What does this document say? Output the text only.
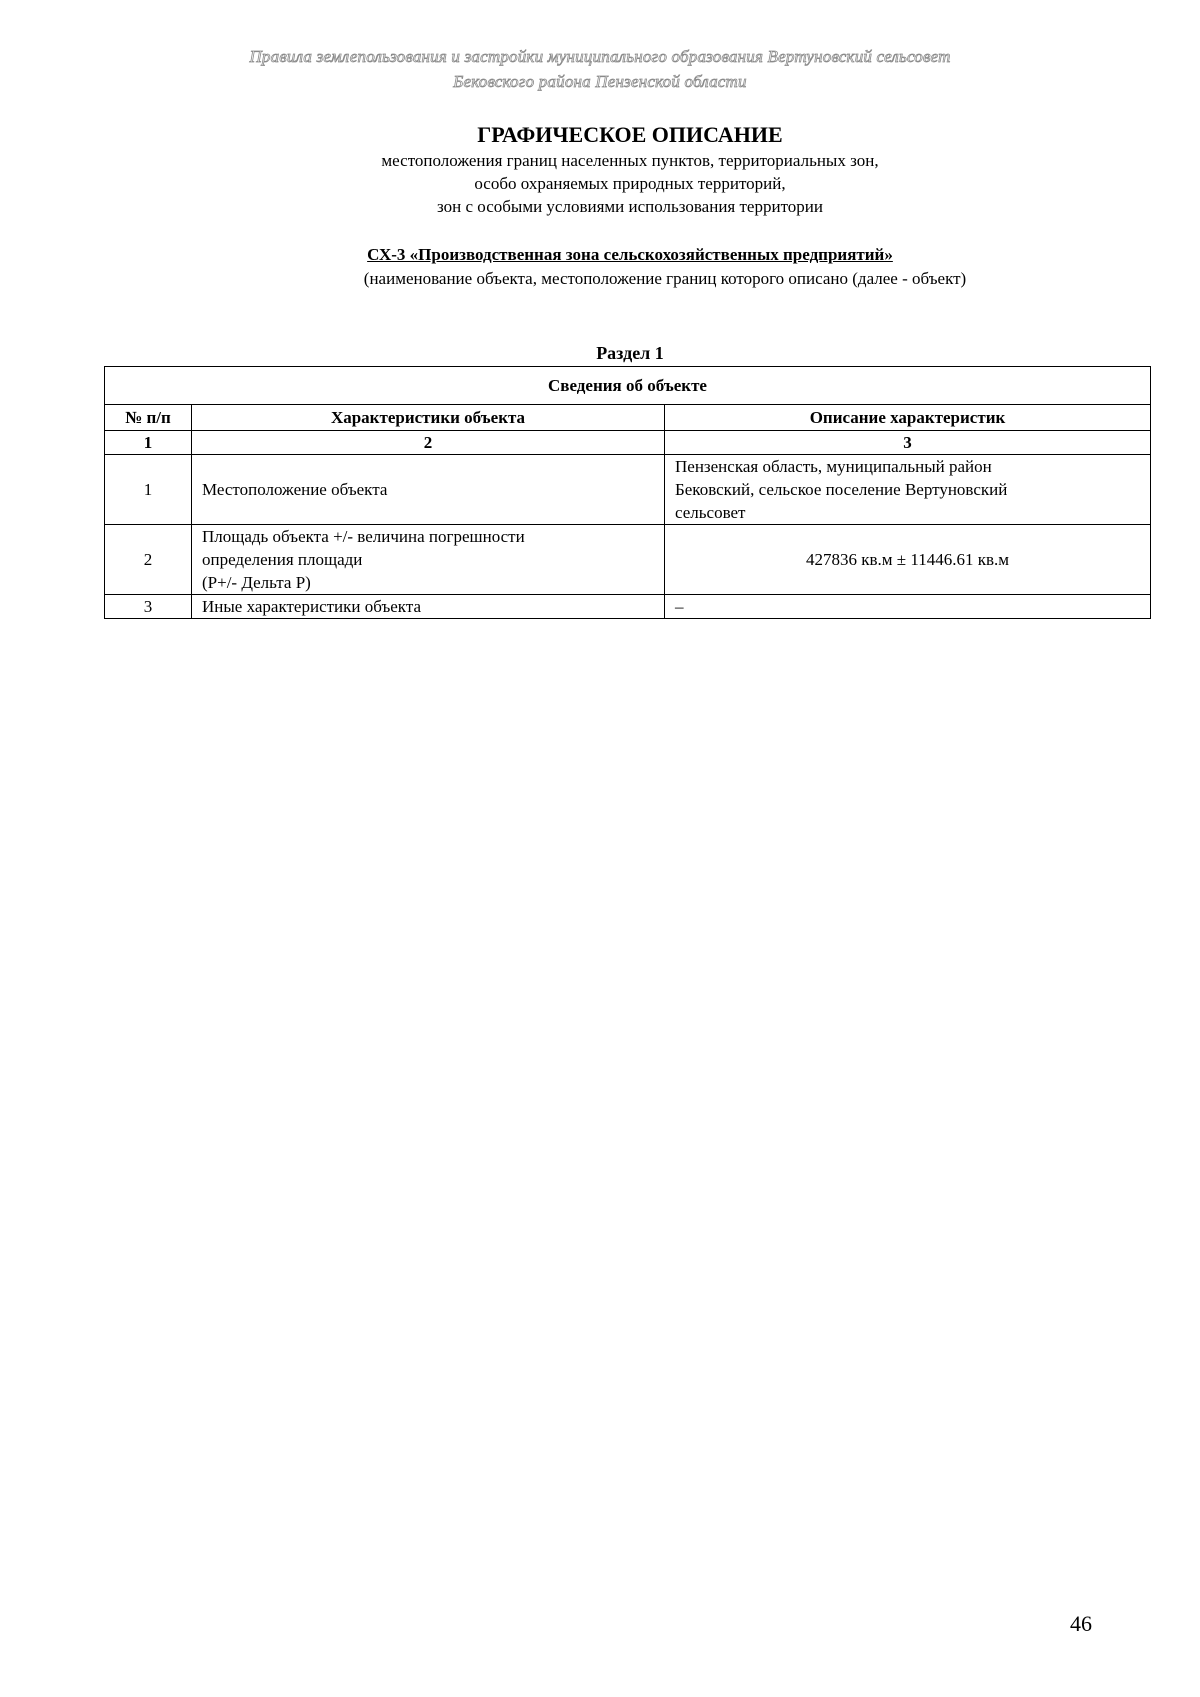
Правила землепользования и застройки муниципального образования Вертуновский сельсовет
Бековского района Пензенской области
ГРАФИЧЕСКОЕ ОПИСАНИЕ
местоположения границ населенных пунктов, территориальных зон,
особо охраняемых природных территорий,
зон с особыми условиями использования территории
СХ-3 «Производственная зона сельскохозяйственных предприятий»
(наименование объекта, местоположение границ которого описано (далее - объект)
Раздел 1
Сведения об объекте		
№ п/п	Характеристики объекта	Описание характеристик
1	2	3
1	Местоположение объекта	Пензенская область, муниципальный район
Бековский, сельское поселение Вертуновский
сельсовет

2	Площадь объекта +/- величина погрешности
определения площади
(P+/- Дельта P)	427836 кв.м ± 11446.61 кв.м

3	Иные характеристики объекта	–
46
